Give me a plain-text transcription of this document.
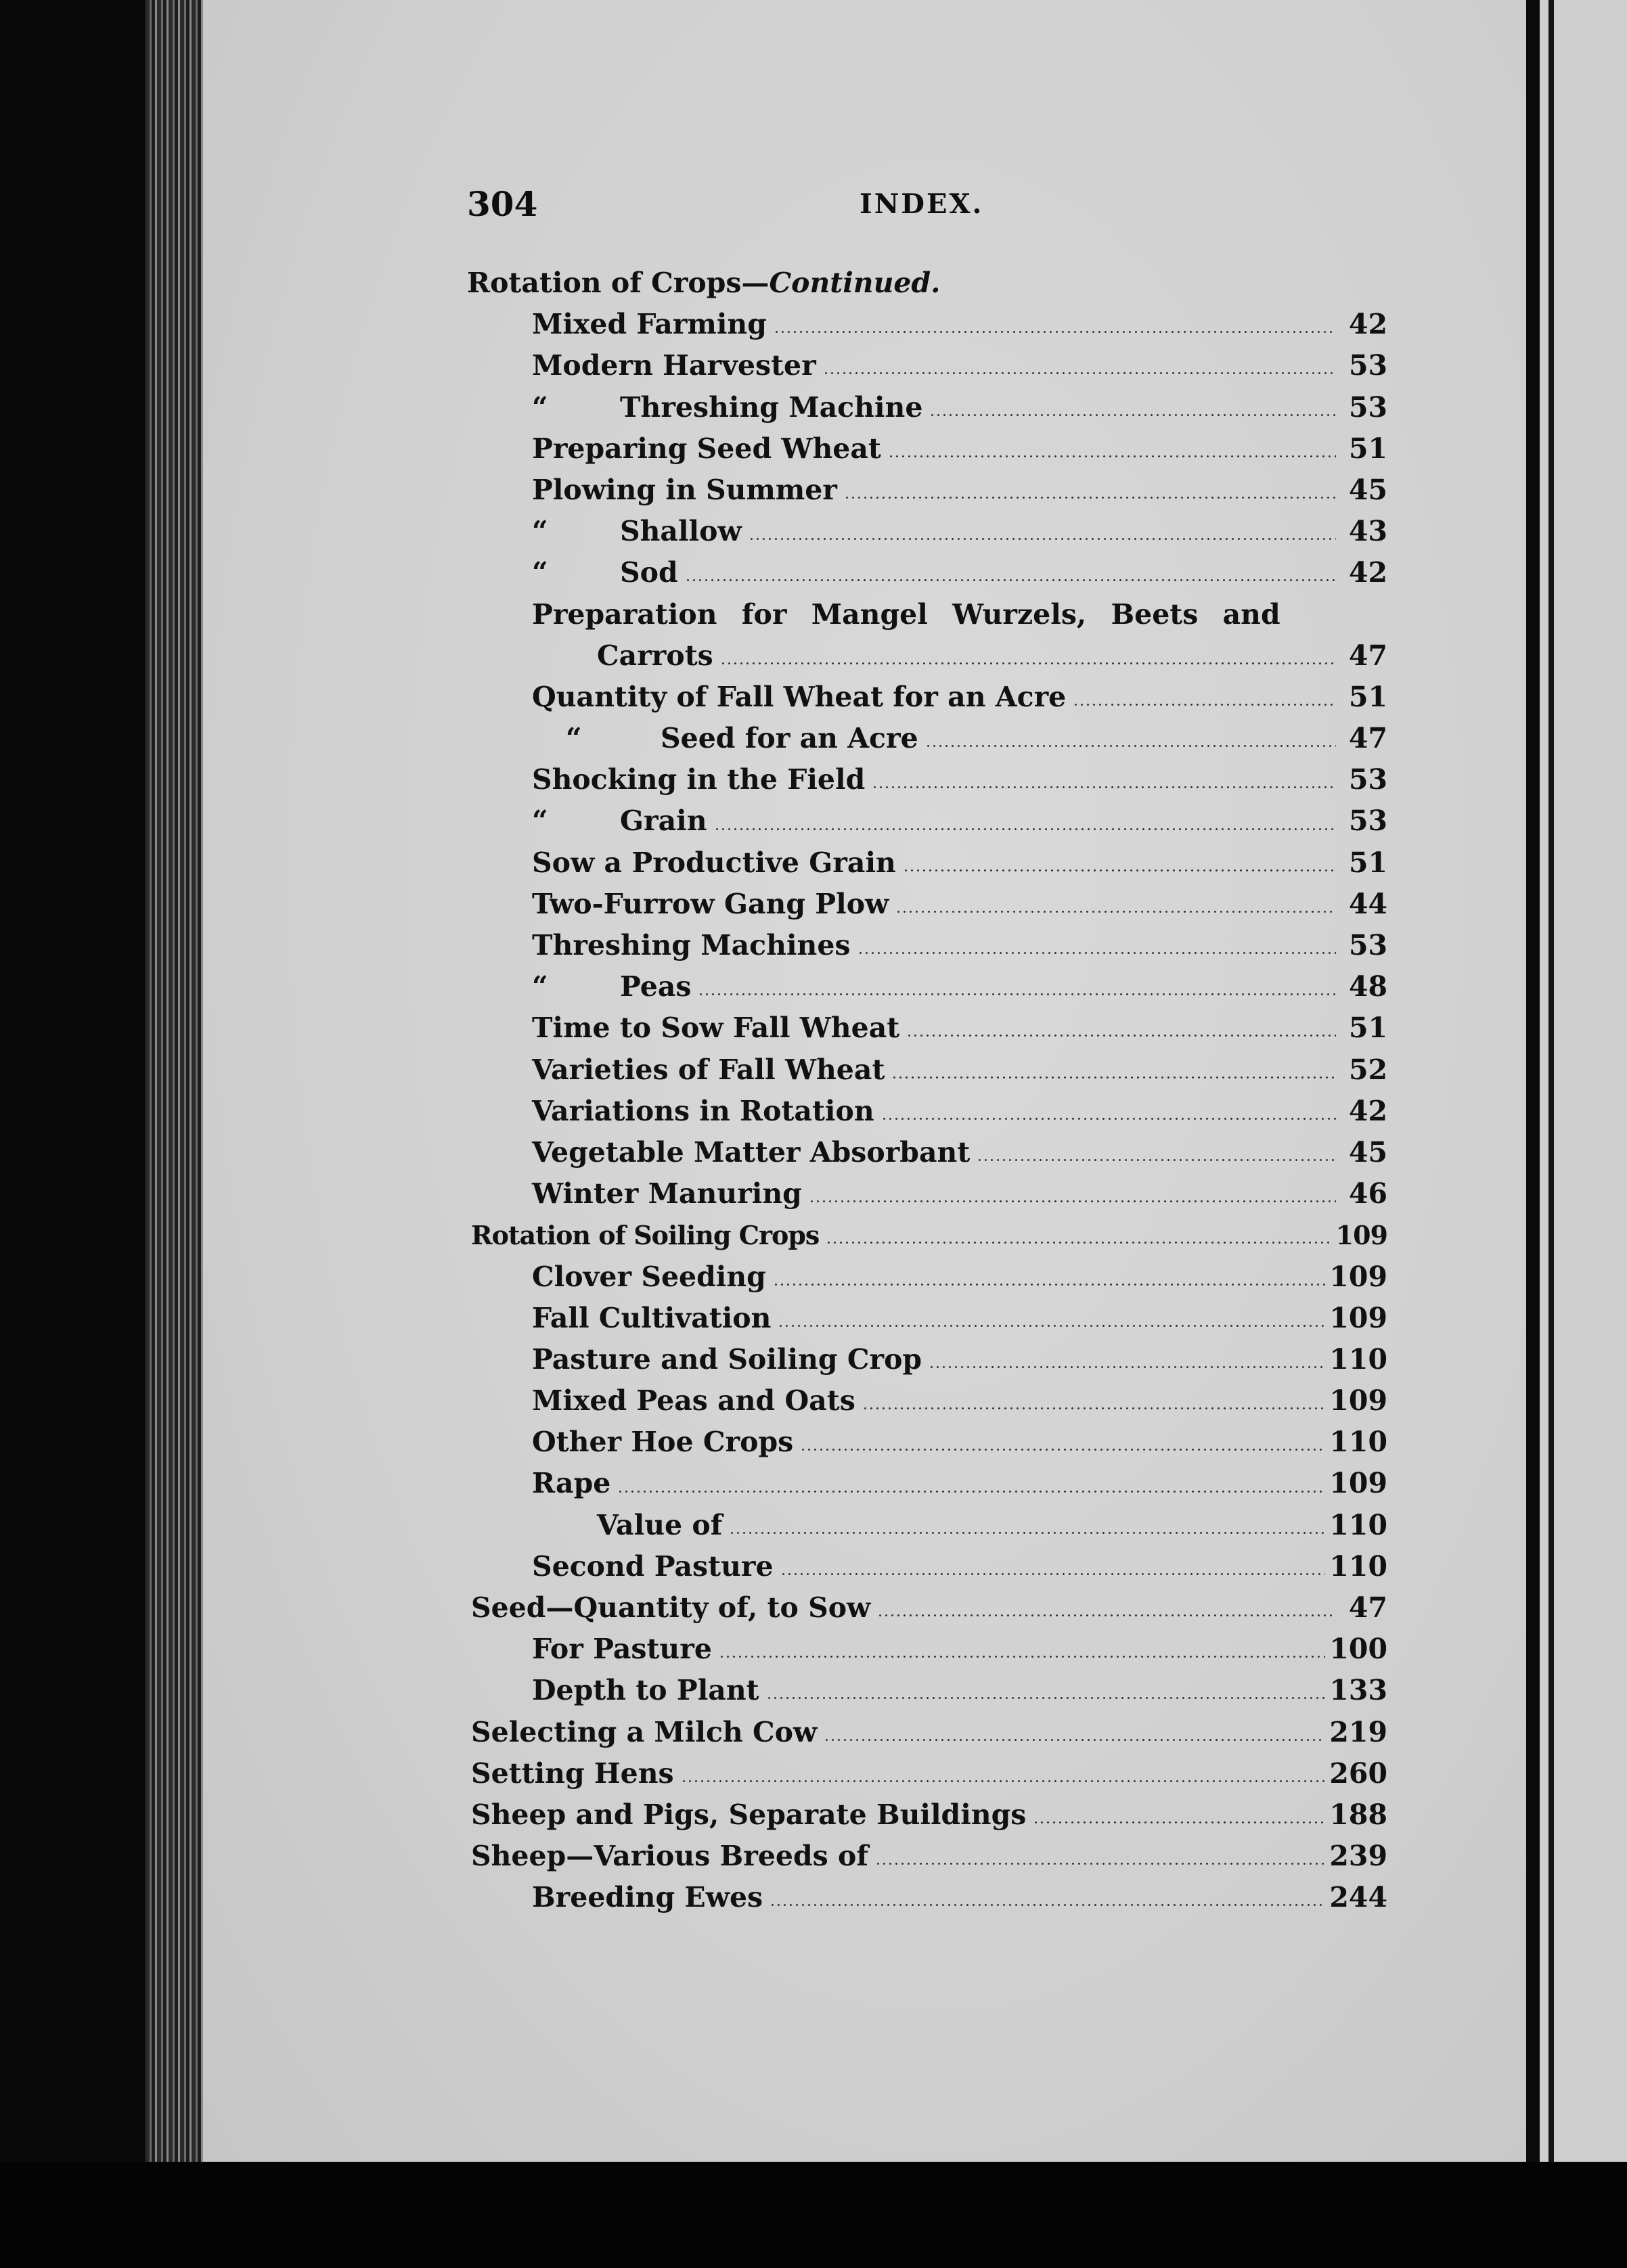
304	INDEX.
Rotation of Crops—Continued.
Mixed Farming	42
Modern Harvester	53
“	Threshing Machine	53
Preparing Seed Wheat	51
Plowing in Summer	45
“	Shallow	43
“	Sod	42
Preparation for Mangel Wurzels, Beets and
Carrots	47
Quantity of Fall Wheat for an Acre	51
“	Seed for an Acre	47
Shocking in the Field	53
“	Grain	53
Sow a Productive Grain	51
Two-Furrow Gang Plow	44
Threshing Machines	53
“	Peas	48
Time to Sow Fall Wheat	51
Varieties of Fall Wheat	52
Variations in Rotation	42
Vegetable Matter Absorbant	45
Winter Manuring	46
Rotation of Soiling Crops	109
Clover Seeding	109
Fall Cultivation	109
Pasture and Soiling Crop	110
Mixed Peas and Oats	109
Other Hoe Crops	110
Rape	109
Value of	110
Second Pasture	110
Seed—Quantity of, to Sow	47
For Pasture	100
Depth to Plant	133
Selecting a Milch Cow	219
Setting Hens	260
Sheep and Pigs, Separate Buildings	188
Sheep—Various Breeds of	239
Breeding Ewes	244
